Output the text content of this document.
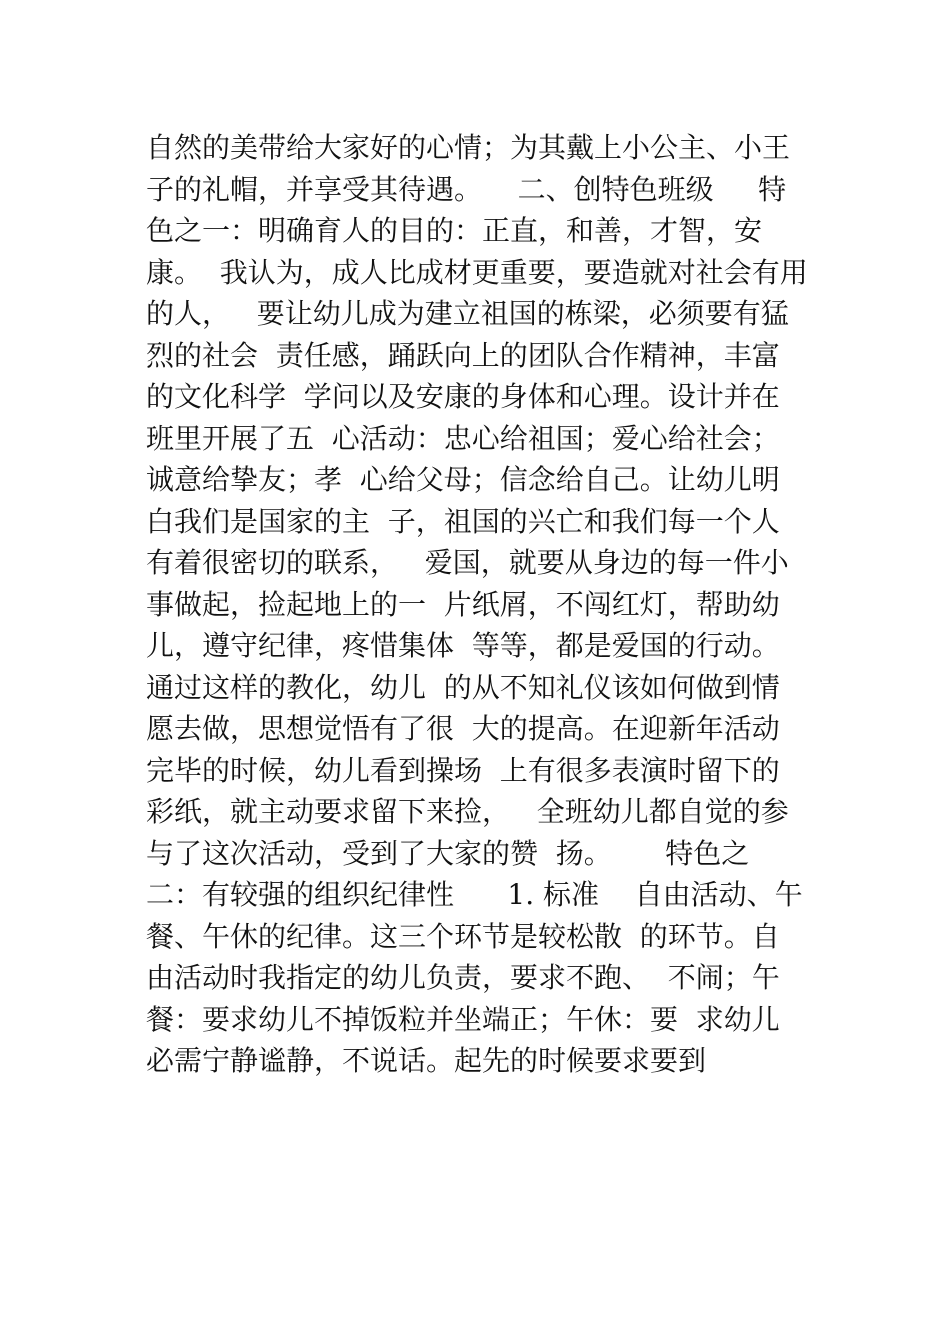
自然的美带给大家好的心情；为其戴上小公主、小王
子的礼帽，并享受其待遇。    二、创特色班级     特
色之一：明确育人的目的：正直，和善，才智，安
康。  我认为，成人比成材更重要，要造就对社会有用
的人，   要让幼儿成为建立祖国的栋梁，必须要有猛
烈的社会  责任感，踊跃向上的团队合作精神，丰富
的文化科学  学问以及安康的身体和心理。设计并在
班里开展了五  心活动：忠心给祖国；爱心给社会；
诚意给挚友；孝  心给父母；信念给自己。让幼儿明
白我们是国家的主  子，祖国的兴亡和我们每一个人
有着很密切的联系，   爱国，就要从身边的每一件小
事做起，捡起地上的一  片纸屑，不闯红灯，帮助幼
儿，遵守纪律，疼惜集体  等等，都是爱国的行动。
通过这样的教化，幼儿  的从不知礼仪该如何做到情
愿去做，思想觉悟有了很  大的提高。在迎新年活动
完毕的时候，幼儿看到操场  上有很多表演时留下的
彩纸，就主动要求留下来捡，   全班幼儿都自觉的参
与了这次活动，受到了大家的赞  扬。      特色之
二：有较强的组织纪律性      1. 标准    自由活动、午
餐、午休的纪律。这三个环节是较松散  的环节。自
由活动时我指定的幼儿负责，要求不跑、  不闹；午
餐：要求幼儿不掉饭粒并坐端正；午休：要  求幼儿
必需宁静谧静，不说话。起先的时候要求要到
